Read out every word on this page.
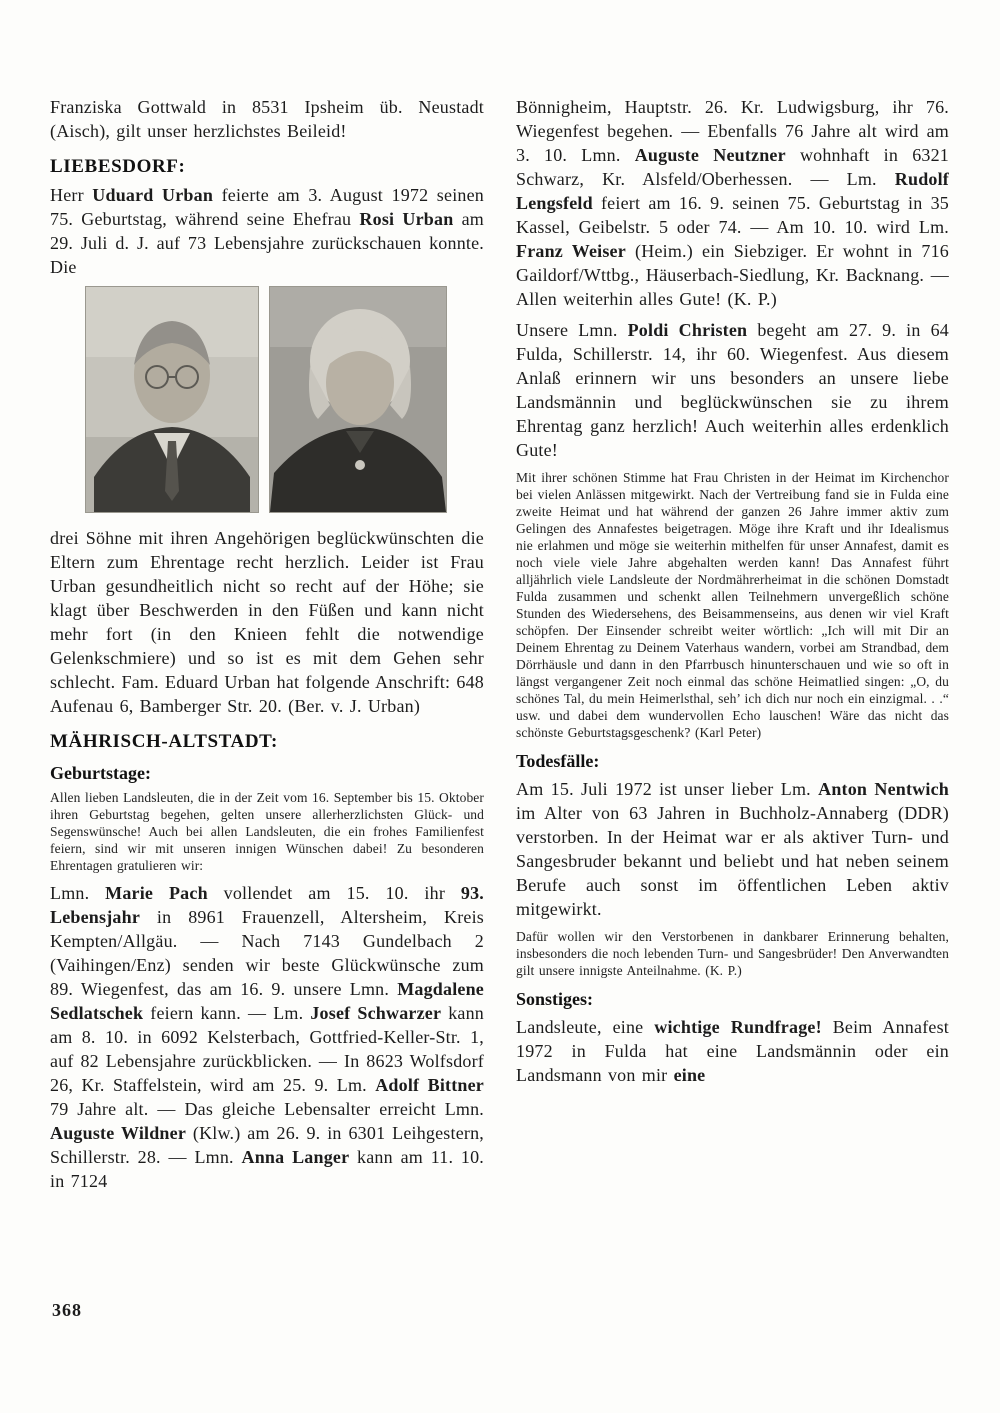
Franziska Gottwald in 8531 Ipsheim üb. Neustadt (Aisch), gilt unser herzlichstes Beileid!

LIEBESDORF:

Herr Uduard Urban feierte am 3. August 1972 seinen 75. Geburtstag, während seine Ehefrau Rosi Urban am 29. Juli d. J. auf 73 Lebensjahre zurückschauen konnte. Die

drei Söhne mit ihren Angehörigen beglückwünschten die Eltern zum Ehrentage recht herzlich. Leider ist Frau Urban gesundheitlich nicht so recht auf der Höhe; sie klagt über Beschwerden in den Füßen und kann nicht mehr fort (in den Knieen fehlt die notwendige Gelenkschmiere) und so ist es mit dem Gehen sehr schlecht. Fam. Eduard Urban hat folgende Anschrift: 648 Aufenau 6, Bamberger Str. 20. (Ber. v. J. Urban)

MÄHRISCH-ALTSTADT:
Geburtstage:

Allen lieben Landsleuten, die in der Zeit vom 16. September bis 15. Oktober ihren Geburtstag begehen, gelten unsere allerherzlichsten Glück- und Segenswünsche! Auch bei allen Landsleuten, die ein frohes Familienfest feiern, sind wir mit unseren innigen Wünschen dabei! Zu besonderen Ehrentagen gratulieren wir:

Lmn. Marie Pach vollendet am 15. 10. ihr 93. Lebensjahr in 8961 Frauenzell, Altersheim, Kreis Kempten/Allgäu. — Nach 7143 Gundelbach 2 (Vaihingen/Enz) senden wir beste Glückwünsche zum 89. Wiegenfest, das am 16. 9. unsere Lmn. Magdalene Sedlatschek feiern kann. — Lm. Josef Schwarzer kann am 8. 10. in 6092 Kelsterbach, Gottfried-Keller-Str. 1, auf 82 Lebensjahre zurückblicken. — In 8623 Wolfsdorf 26, Kr. Staffelstein, wird am 25. 9. Lm. Adolf Bittner 79 Jahre alt. — Das gleiche Lebensalter erreicht Lmn. Auguste Wildner (Klw.) am 26. 9. in 6301 Leihgestern, Schillerstr. 28. — Lmn. Anna Langer kann am 11. 10. in 7124

Bönnigheim, Hauptstr. 26. Kr. Ludwigsburg, ihr 76. Wiegenfest begehen. — Ebenfalls 76 Jahre alt wird am 3. 10. Lmn. Auguste Neutzner wohnhaft in 6321 Schwarz, Kr. Alsfeld/Oberhessen. — Lm. Rudolf Lengsfeld feiert am 16. 9. seinen 75. Geburtstag in 35 Kassel, Geibelstr. 5 oder 74. — Am 10. 10. wird Lm. Franz Weiser (Heim.) ein Siebziger. Er wohnt in 716 Gaildorf/Wttbg., Häuserbach-Siedlung, Kr. Backnang. — Allen weiterhin alles Gute! (K. P.)

Unsere Lmn. Poldi Christen begeht am 27. 9. in 64 Fulda, Schillerstr. 14, ihr 60. Wiegenfest. Aus diesem Anlaß erinnern wir uns besonders an unsere liebe Landsmännin und beglückwünschen sie zu ihrem Ehrentag ganz herzlich! Auch weiterhin alles erdenklich Gute!

Mit ihrer schönen Stimme hat Frau Christen in der Heimat im Kirchenchor bei vielen Anlässen mitgewirkt. Nach der Vertreibung fand sie in Fulda eine zweite Heimat und hat während der ganzen 26 Jahre immer aktiv zum Gelingen des Annafestes beigetragen. Möge ihre Kraft und ihr Idealismus nie erlahmen und möge sie weiterhin mithelfen für unser Annafest, damit es noch viele viele Jahre abgehalten werden kann! Das Annafest führt alljährlich viele Landsleute der Nordmährerheimat in die schönen Domstadt Fulda zusammen und schenkt allen Teilnehmern unvergeßlich schöne Stunden des Wiedersehens, des Beisammenseins, aus denen wir viel Kraft schöpfen. Der Einsender schreibt weiter wörtlich: „Ich will mit Dir an Deinem Ehrentag zu Deinem Vaterhaus wandern, vorbei am Strandbad, dem Dörrhäusle und dann in den Pfarrbusch hinunterschauen und wie so oft in längst vergangener Zeit noch einmal das schöne Heimatlied singen: „O, du schönes Tal, du mein Heimerlsthal, seh’ ich dich nur noch ein einzigmal. . .“ usw. und dabei dem wundervollen Echo lauschen! Wäre das nicht das schönste Geburtstagsgeschenk? (Karl Peter)

Todesfälle:

Am 15. Juli 1972 ist unser lieber Lm. Anton Nentwich im Alter von 63 Jahren in Buchholz-Annaberg (DDR) verstorben. In der Heimat war er als aktiver Turn- und Sangesbruder bekannt und beliebt und hat neben seinem Berufe auch sonst im öffentlichen Leben aktiv mitgewirkt.

Dafür wollen wir den Verstorbenen in dankbarer Erinnerung behalten, insbesonders die noch lebenden Turn- und Sangesbrüder! Den Anverwandten gilt unsere innigste Anteilnahme. (K. P.)

Sonstiges:

Landsleute, eine wichtige Rundfrage! Beim Annafest 1972 in Fulda hat eine Landsmännin oder ein Landsmann von mir eine

368
